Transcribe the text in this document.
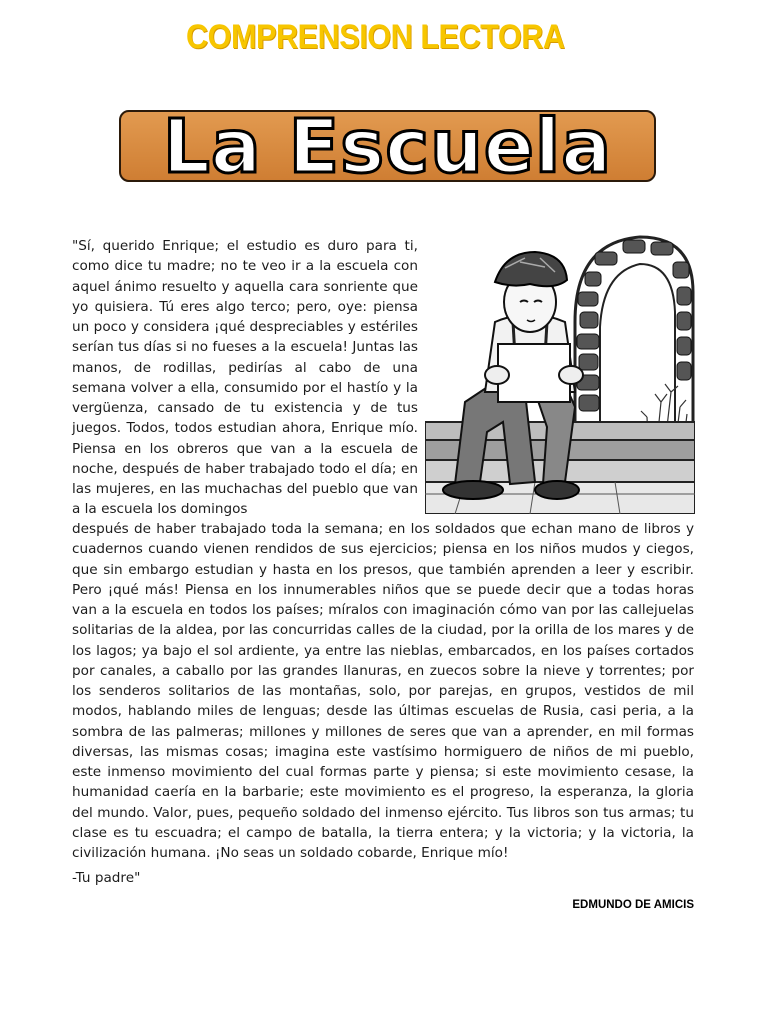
COMPRENSION LECTORA
La Escuela
"Sí, querido Enrique; el estudio es duro para ti, como dice tu madre; no te veo ir a la escuela con aquel ánimo resuelto y aquella cara sonriente que yo quisiera. Tú eres algo terco; pero, oye: piensa un poco y considera ¡qué despreciables y estériles serían tus días si no fueses a la escuela! Juntas las manos, de rodillas, pedirías al cabo de una semana volver a ella, consumido por el hastío y la vergüenza, cansado de tu existencia y de tus juegos. Todos, todos estudian ahora, Enrique mío. Piensa en los obreros que van a la escuela de noche, después de haber trabajado todo el día; en las mujeres, en las muchachas del pueblo que van a la escuela los domingos
después de haber trabajado toda la semana; en los soldados que echan mano de libros y cuadernos cuando vienen rendidos de sus ejercicios; piensa en los niños mudos y ciegos, que sin embargo estudian y hasta en los presos, que también aprenden a leer y escribir. Pero ¡qué más! Piensa en los innumerables niños que se puede decir que a todas horas van a la escuela en todos los países; míralos con imaginación cómo van por las callejuelas solitarias de la aldea, por las concurridas calles de la ciudad, por la orilla de los mares y de los lagos; ya bajo el sol ardiente, ya entre las nieblas, embarcados, en los países cortados por canales, a caballo por las grandes llanuras, en zuecos sobre la nieve y torrentes; por los senderos solitarios de las montañas, solo, por parejas, en grupos, vestidos de mil modos, hablando miles de lenguas; desde las últimas escuelas de Rusia, casi peria, a la sombra de las palmeras; millones y millones de seres que van a aprender, en mil formas diversas, las mismas cosas; imagina este vastísimo hormiguero de niños de mi pueblo, este inmenso movimiento del cual formas parte y piensa; si este movimiento cesase, la humanidad caería en la barbarie; este movimiento es el progreso, la esperanza, la gloria del mundo. Valor, pues, pequeño soldado del inmenso ejército. Tus libros son tus armas; tu clase es tu escuadra; el campo de batalla, la tierra entera; y la victoria; y la victoria, la civilización humana. ¡No seas un soldado cobarde, Enrique mío!
-Tu padre"
EDMUNDO DE AMICIS
